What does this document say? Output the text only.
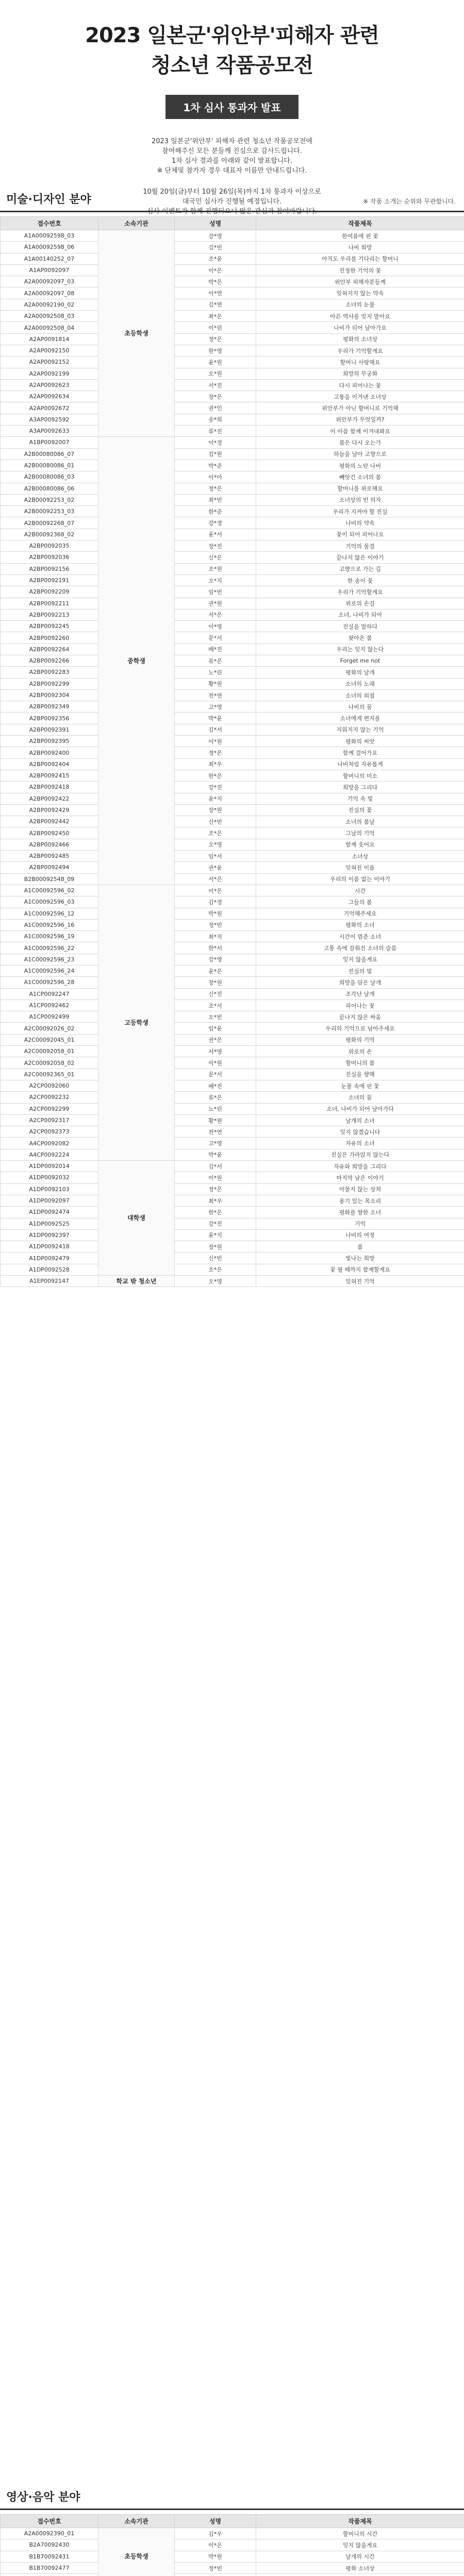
2023 일본군'위안부'피해자 관련
청소년 작품공모전
1차 심사 통과자 발표
2023 일본군'위안부' 피해자 관련 청소년 작품공모전에
참여해주신 모든 분들께 진심으로 감사드립니다.
1차 심사 결과를 아래와 같이 발표합니다.
※ 단체및 참가자 경우 대표자 이름만 안내드립니다.
10월 20일(금)부터 10월 26일(목)까지 1차 통과자 이상으로
대국민 심사가 진행될 예정입니다.
심사 이벤트가 함께 진행되오니 많은 관심과 참여바랍니다.
미술·디자인 분야	※ 작품 소개는 순위와 무관합니다.
접수번호	소속기관	성명	작품제목
A1A00092598_03	초등학생	강*영	한여름에 핀 꽃
A1A00092598_06		김*빈	나비 희망
A1A00140252_07		조*윤	아직도 우리를 기다리는 할머니
A1AP0092097		이*은	진정한 기억의 꽃
A2A00092097_03		박*은	위안부 피해자분들께
A2A00092097_08		이*연	잊혀지지 않는 약속
A2A00092190_02		김*연	소녀의 눈물
A2A00092508_03		최*은	아픈 역사를 잊지 말아요
A2A00092508_04		이*린	나비가 되어 날아가요
A2AP0091814		정*은	평화의 소녀상
A2AP0092150		한*영	우리가 기억할게요
A2AP0092152		윤*원	할머니 사랑해요
A2AP0092199		오*원	희망의 무궁화
A2AP0092623		서*진	다시 피어나는 꽃
A2AP0092634		장*은	고통을 이겨낸 소녀상
A2AP0092672		권*인	위안부가 아닌 할머니로 기억해
A3AP0092592		송*희	위안부가 무엇일까?
A3AP0092633		류*진	이 아픔 함께 이겨내봐요
A1BP0092007	중학생	이*경	봄은 다시 오는가
A2B00080086_07		김*원	하늘을 날아 고향으로
A2B00080086_01		박*준	평화의 노란 나비
A2B00080086_03		이*아	빼앗긴 소녀의 봄
A2B00080086_06		정*은	할머니를 위로해요
A2B00092253_02		최*빈	소녀상의 빈 의자
A2B00092253_03		한*준	우리가 지켜야 할 진실
A2B00092268_07		강*경	나비의 약속
A2B00092368_02		윤*서	꽃이 되어 피어나요
A2BP0092035		장*진	기억의 물결
A2BP0092036		신*은	끝나지 않은 이야기
A2BP0092156		조*원	고향으로 가는 길
A2BP0092191		오*지	한 송이 꽃
A2BP0092209		임*빈	우리가 기억할게요
A2BP0092211		권*원	위로의 손길
A2BP0092213		서*은	소녀, 나비가 되어
A2BP0092245		이*영	진실을 말하다
A2BP0092260		문*서	찾아온 봄
A2BP0092264		배*진	우리는 잊지 않는다
A2BP0092266		류*은	Forget me not
A2BP0092283		노*린	평화의 날개
A2BP0092299		황*원	소녀의 노래
A2BP0092304		전*연	소녀의 외침
A2BP0092349		고*영	나비의 꿈
A2BP0092356		박*윤	소녀에게 편지를
A2BP0092391		김*서	지워지지 않는 기억
A2BP0092395		이*원	평화의 씨앗
A2BP0092400		정*은	함께 걸어가요
A2BP0092404		최*우	나비처럼 자유롭게
A2BP0092415		한*은	할머니의 미소
A2BP0092418		강*진	희망을 그리다
A2BP0092422		윤*지	기억 속 빛
A2BP0092429		장*원	진실의 꽃
A2BP0092442		신*빈	소녀의 봄날
A2BP0092450		조*은	그날의 기억
A2BP0092466		오*영	함께 웃어요
A2BP0092485		임*서	소녀상
A2BP0092494		권*윤	잊혀진 이름
B2B00092548_09		서*은	우리의 이름 없는 이야기
A1C00092596_02	고등학생	이*은	시간
A1C00092596_03		김*경	그들의 봄
A1C00092596_12		박*원	기억해주세요
A1C00092596_16		정*빈	평화의 소녀
A1C00092596_19		최*지	시간이 멈춘 소녀
A1C00092596_22		한*서	고통 속에 감춰진 소녀의 슬픔
A1C00092596_23		강*영	잊지 않을게요
A1C00092596_24		윤*은	진실의 빛
A1C00092596_28		장*원	희망을 담은 날개
A1CP0092247		신*진	조각난 날개
A1CP0092462		조*서	피어나는 꽃
A1CP0092499		오*빈	끝나지 않은 싸움
A2C00092026_02		임*윤	우리의 기억으로 남아주세요
A2C00092045_01		권*은	평화의 기억
A2C00092058_01		서*영	위로의 손
A2C00092058_02		이*원	할머니의 봄
A2C00092365_01		문*서	진실을 향해
A2CP0092060		배*진	눈물 속에 핀 꽃
A2CP0092232		류*은	소녀의 꿈
A2CP0092299		노*린	소녀, 나비가 되어 날아가다
A2CP0092317		황*원	날개의 소녀
A2CP0092373		전*연	잊지 않겠습니다
A4CP0092082		고*영	자유의 소녀
A4CP0092224		박*윤	진실은 가라앉지 않는다
A1DP0092014	대학생	김*서	자유와 희망을 그리다
A1DP0092032		이*원	마지막 남은 이야기
A1DP0092103		정*은	아물지 않는 상처
A1DP0092097		최*우	용기 있는 목소리
A1DP0092474		한*은	평화를 향한 소녀
A1DP0092525		강*진	기억
A1DP0092397		윤*지	나비의 여정
A1DP0092418		장*원	봄
A1DP0092479		신*빈	빛나는 희망
A1DP0092528		조*은	꽃 필 때까지 함께할게요
A1EP0092147	학교 밖 청소년	오*영	잊혀진 기억
영상·음악 분야
접수번호	소속기관	성명	작품제목
A2A00092390_01	초등학생	김*우	할머니의 시간
B2A70092430		이*은	잊지 않을게요
B1B70092431		박*원	날개의 시간
B1B70092477		정*빈	평화 소녀상
